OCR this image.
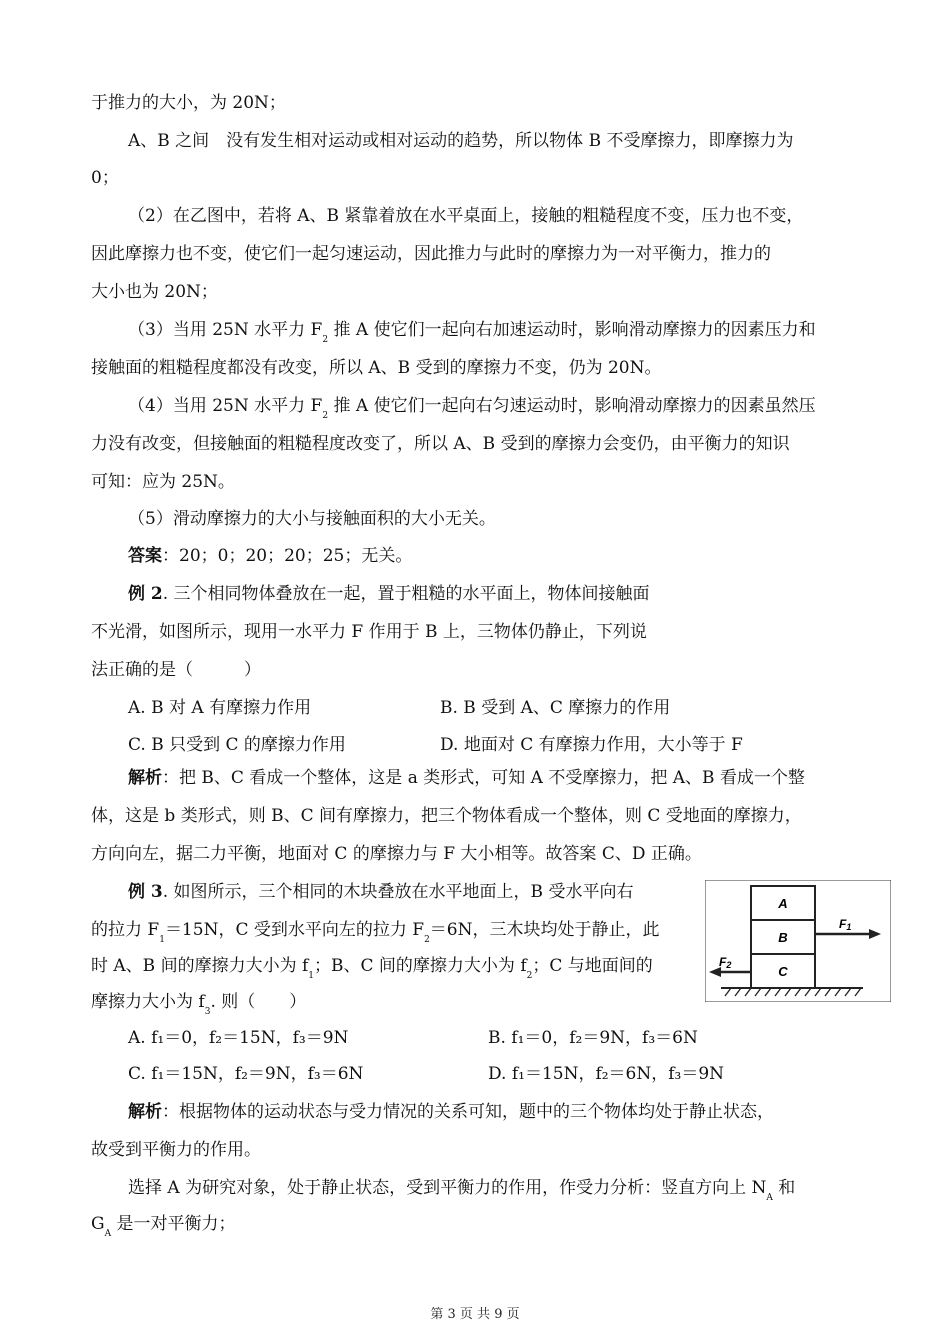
于推力的大小，为 20N；
A、B 之间　没有发生相对运动或相对运动的趋势，所以物体 B 不受摩擦力，即摩擦力为
0；
（2）在乙图中，若将 A、B 紧靠着放在水平桌面上，接触的粗糙程度不变，压力也不变，
因此摩擦力也不变，使它们一起匀速运动，因此推力与此时的摩擦力为一对平衡力，推力的
大小也为 20N；
（3）当用 25N 水平力 $F_2$ 推 A 使它们一起向右加速运动时，影响滑动摩擦力的因素压力和
接触面的粗糙程度都没有改变，所以 A、B 受到的摩擦力不变，仍为 20N。
（4）当用 25N 水平力 $F_2$ 推 A 使它们一起向右匀速运动时，影响滑动摩擦力的因素虽然压
力没有改变，但接触面的粗糙程度改变了，所以 A、B 受到的摩擦力会变仍，由平衡力的知识
可知：应为 25N。
（5）滑动摩擦力的大小与接触面积的大小无关。
答案：20；0；20；20；25；无关。
例 2. 三个相同物体叠放在一起，置于粗糙的水平面上，物体间接触面
不光滑，如图所示，现用一水平力 F 作用于 B 上，三物体仍静止，下列说
法正确的是（　　　）
A. B 对 A 有摩擦力作用	B. B 受到 A、C 摩擦力的作用
C. B 只受到 C 的摩擦力作用	D. 地面对 C 有摩擦力作用，大小等于 F
解析：把 B、C 看成一个整体，这是 a 类形式，可知 A 不受摩擦力，把 A、B 看成一个整
体，这是 b 类形式，则 B、C 间有摩擦力，把三个物体看成一个整体，则 C 受地面的摩擦力，
方向向左，据二力平衡，地面对 C 的摩擦力与 F 大小相等。故答案 C、D 正确。
例 3. 如图所示，三个相同的木块叠放在水平地面上，B 受水平向右
的拉力 $F_1=15N$，C 受到水平向左的拉力 $F_2=6N$，三木块均处于静止，此
时 A、B 间的摩擦力大小为 $f_1$；B、C 间的摩擦力大小为 $f_2$；C 与地面间的
摩擦力大小为 $f_3$. 则（　　）
A. f₁＝0，f₂＝15N，f₃＝9N	B. f₁＝0，f₂＝9N，f₃＝6N
C. f₁＝15N，f₂＝9N，f₃＝6N	D. f₁＝15N，f₂＝6N，f₃＝9N
解析：根据物体的运动状态与受力情况的关系可知，题中的三个物体均处于静止状态，
故受到平衡力的作用。
选择 A 为研究对象，处于静止状态，受到平衡力的作用，作受力分析：竖直方向上 $N_A$ 和
$G_A$ 是一对平衡力；
A
B
C
F1
F2
第 3 页 共 9 页
